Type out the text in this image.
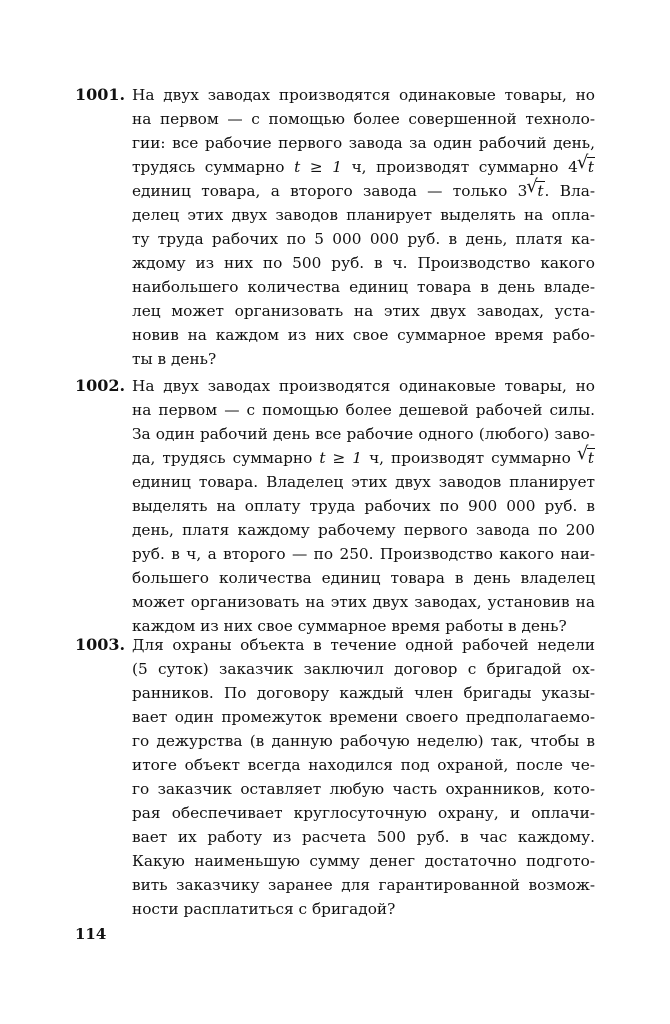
1001. На двух заводах производятся одинаковые товары, но
на первом — с помощью более совершенной техноло-
гии: все рабочие первого завода за один рабочий день,
трудясь суммарно t ≥ 1 ч, производят суммарно 4 √ t
единиц товара, а второго завода — только 3 √ t. Вла-
делец этих двух заводов планирует выделять на опла-
ту труда рабочих по 5 000 000 руб. в день, платя ка-
ждому из них по 500 руб. в ч. Производство какого
наибольшего количества единиц товара в день владе-
лец может организовать на этих двух заводах, уста-
новив на каждом из них свое суммарное время рабо-
ты в день?
1002. На двух заводах производятся одинаковые товары, но
на первом — с помощью более дешевой рабочей силы.
За один рабочий день все рабочие одного (любого) заво-
да, трудясь суммарно t ≥ 1 ч, производят суммарно √ t
единиц товара. Владелец этих двух заводов планирует
выделять на оплату труда рабочих по 900 000 руб. в
день, платя каждому рабочему первого завода по 200
руб. в ч, а второго — по 250. Производство какого наи-
большего количества единиц товара в день владелец
может организовать на этих двух заводах, установив на
каждом из них свое суммарное время работы в день?
1003. Для охраны объекта в течение одной рабочей недели
(5 суток) заказчик заключил договор с бригадой ох-
ранников. По договору каждый член бригады указы-
вает один промежуток времени своего предполагаемо-
го дежурства (в данную рабочую неделю) так, чтобы в
итоге объект всегда находился под охраной, после че-
го заказчик оставляет любую часть охранников, кото-
рая обеспечивает круглосуточную охрану, и оплачи-
вает их работу из расчета 500 руб. в час каждому.
Какую наименьшую сумму денег достаточно подгото-
вить заказчику заранее для гарантированной возмож-
ности расплатиться с бригадой?
114
